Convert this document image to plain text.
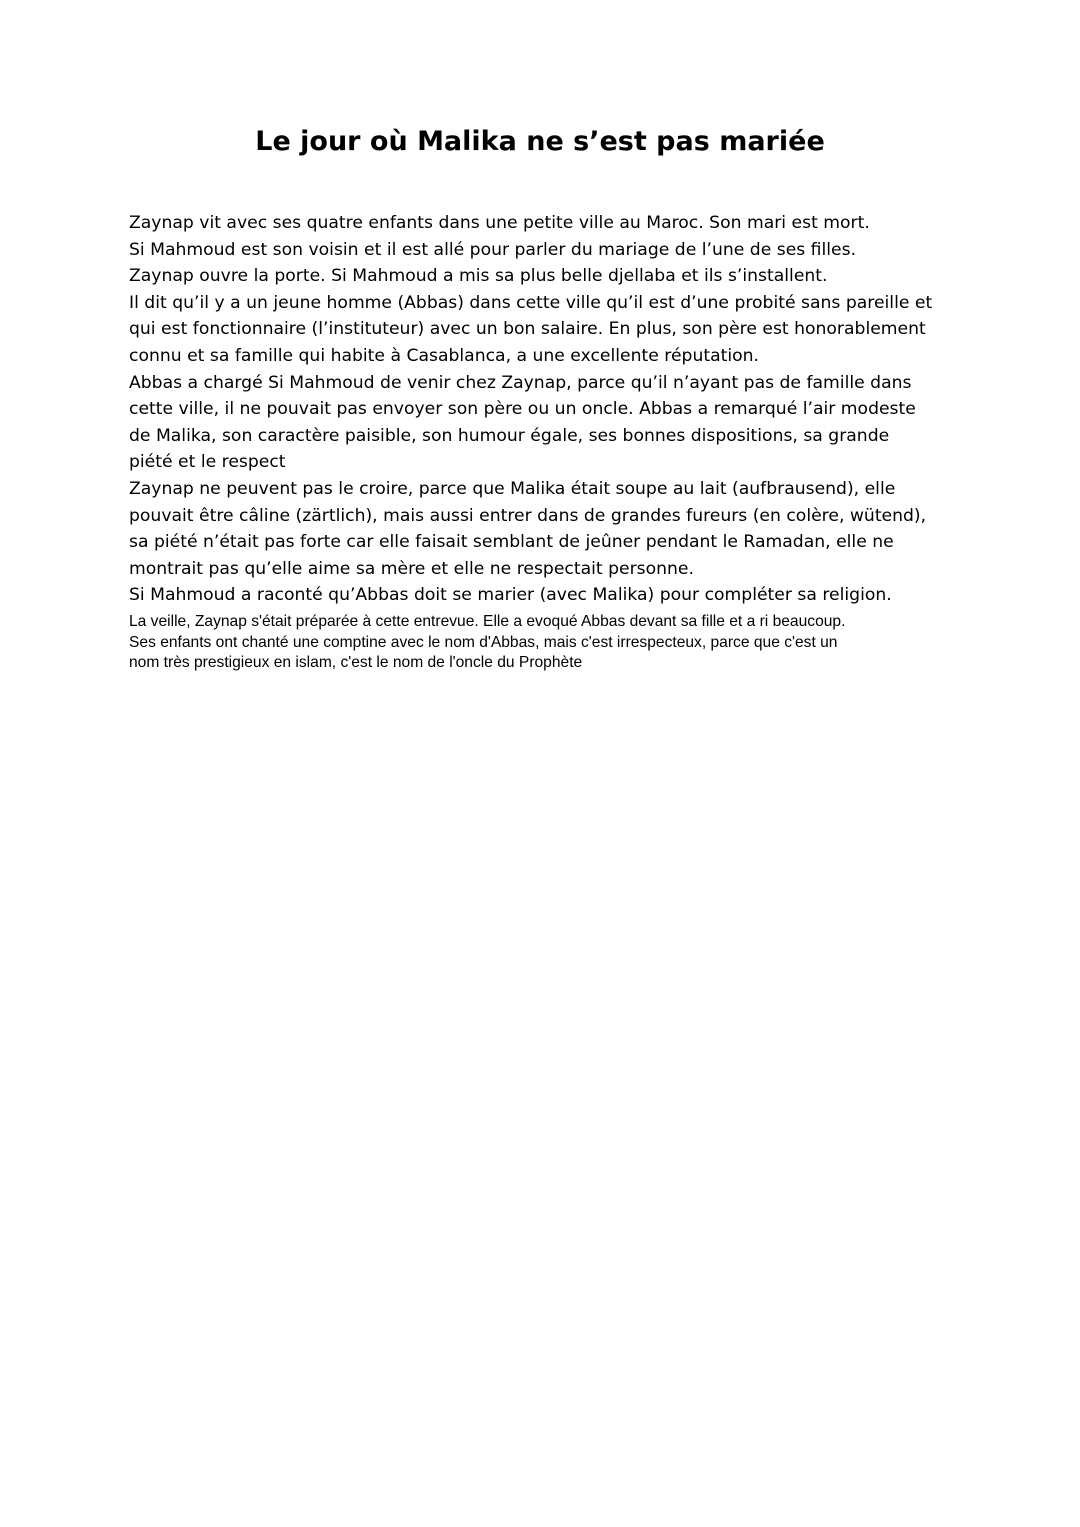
Le jour où Malika ne s’est pas mariée
Zaynap vit avec ses quatre enfants dans une petite ville au Maroc. Son mari est mort.
Si Mahmoud est son voisin et il est allé pour parler du mariage de l’une de ses filles.
Zaynap ouvre la porte. Si Mahmoud a mis sa plus belle djellaba et ils s’installent.
Il dit qu’il y a un jeune homme (Abbas) dans cette ville qu’il est d’une probité sans pareille et
qui est fonctionnaire (l’instituteur) avec un bon salaire. En plus, son père est honorablement
connu et sa famille qui habite à Casablanca, a une excellente réputation.
Abbas a chargé Si Mahmoud de venir chez Zaynap, parce qu’il n’ayant pas de famille dans
cette ville, il ne pouvait pas envoyer son père ou un oncle. Abbas a remarqué l’air modeste
de Malika, son caractère paisible, son humour égale, ses bonnes dispositions, sa grande
piété et le respect
Zaynap ne peuvent pas le croire, parce que Malika était soupe au lait (aufbrausend), elle
pouvait être câline (zärtlich), mais aussi entrer dans de grandes fureurs (en colère, wütend),
sa piété n’était pas forte car elle faisait semblant de jeûner pendant le Ramadan, elle ne
montrait pas qu’elle aime sa mère et elle ne respectait personne.
Si Mahmoud a raconté qu’Abbas doit se marier (avec Malika) pour compléter sa religion.
La veille, Zaynap s'était préparée à cette entrevue. Elle a evoqué Abbas devant sa fille et a ri beaucoup.
Ses enfants ont chanté une comptine avec le nom d'Abbas, mais c'est irrespecteux, parce que c'est un
nom très prestigieux en islam, c'est le nom de l'oncle du Prophète
